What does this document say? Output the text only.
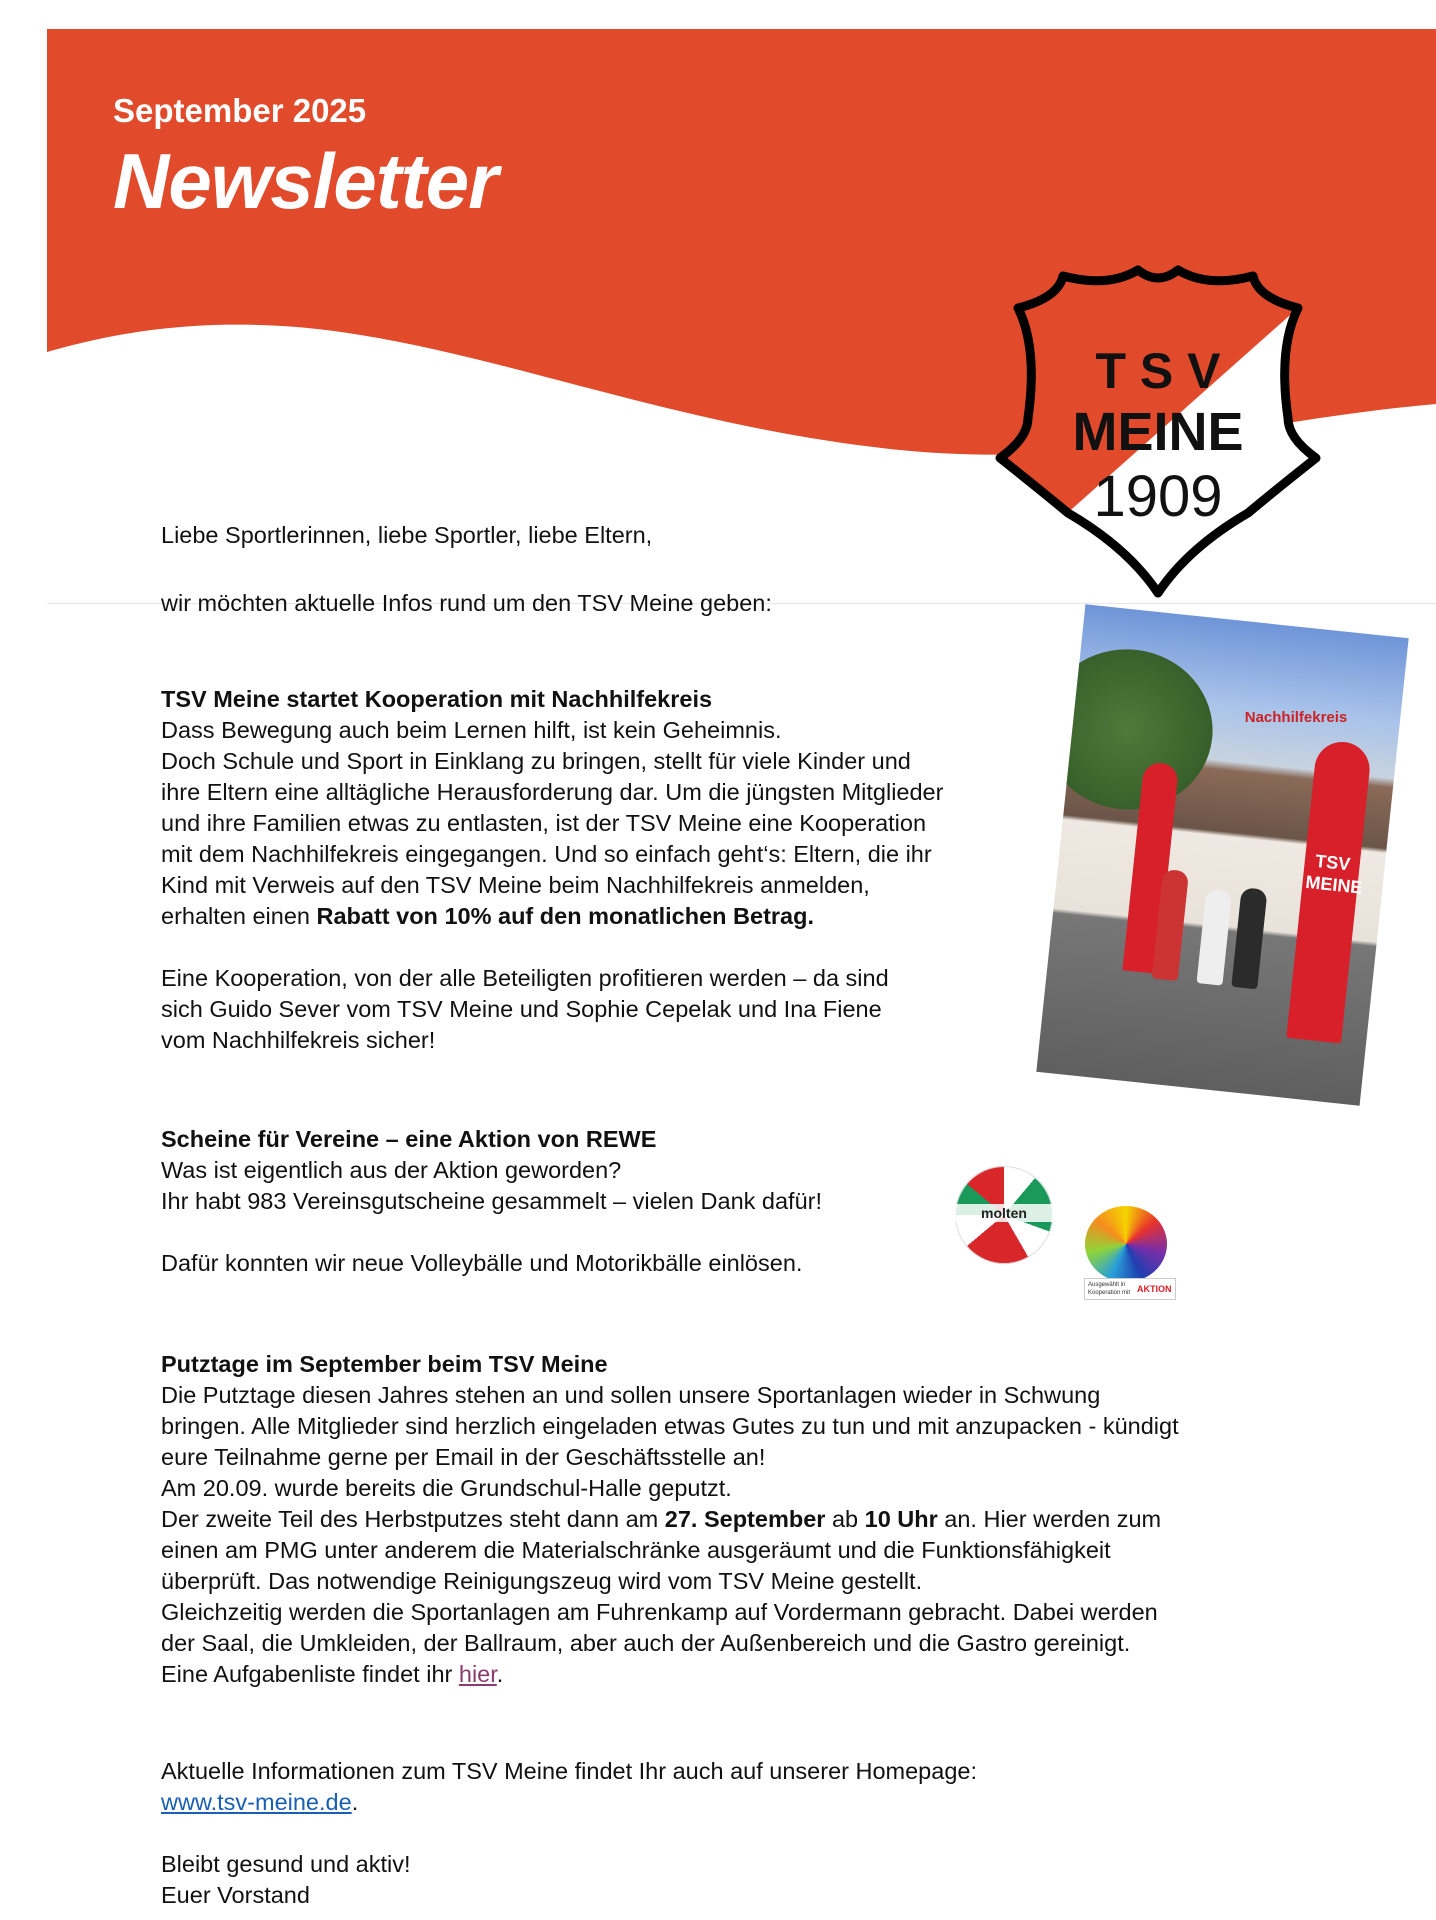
September 2025
Newsletter
T S V
MEINE
1909
Liebe Sportlerinnen, liebe Sportler, liebe Eltern,
wir möchten aktuelle Infos rund um den TSV Meine geben:
TSV Meine startet Kooperation mit Nachhilfekreis
Dass Bewegung auch beim Lernen hilft, ist kein Geheimnis.
Doch Schule und Sport in Einklang zu bringen, stellt für viele Kinder und
ihre Eltern eine alltägliche Herausforderung dar. Um die jüngsten Mitglieder
und ihre Familien etwas zu entlasten, ist der TSV Meine eine Kooperation
mit dem Nachhilfekreis eingegangen. Und so einfach geht‘s: Eltern, die ihr
Kind mit Verweis auf den TSV Meine beim Nachhilfekreis anmelden,
erhalten einen Rabatt von 10% auf den monatlichen Betrag.
Eine Kooperation, von der alle Beteiligten profitieren werden – da sind
sich Guido Sever vom TSV Meine und Sophie Cepelak und Ina Fiene
vom Nachhilfekreis sicher!
Nachhilfekreis
TSV MEINE
Scheine für Vereine – eine Aktion von REWE
Was ist eigentlich aus der Aktion geworden?
Ihr habt 983 Vereinsgutscheine gesammelt – vielen Dank dafür!
Dafür konnten wir neue Volleybälle und Motorikbälle einlösen.
molten
Ausgewählt in Kooperation mit AKTION
Putztage im September beim TSV Meine
Die Putztage diesen Jahres stehen an und sollen unsere Sportanlagen wieder in Schwung
bringen. Alle Mitglieder sind herzlich eingeladen etwas Gutes zu tun und mit anzupacken - kündigt
eure Teilnahme gerne per Email in der Geschäftsstelle an!
Am 20.09. wurde bereits die Grundschul-Halle geputzt.
Der zweite Teil des Herbstputzes steht dann am 27. September ab 10 Uhr an. Hier werden zum
einen am PMG unter anderem die Materialschränke ausgeräumt und die Funktionsfähigkeit
überprüft. Das notwendige Reinigungszeug wird vom TSV Meine gestellt.
Gleichzeitig werden die Sportanlagen am Fuhrenkamp auf Vordermann gebracht. Dabei werden
der Saal, die Umkleiden, der Ballraum, aber auch der Außenbereich und die Gastro gereinigt.
Eine Aufgabenliste findet ihr hier.
Aktuelle Informationen zum TSV Meine findet Ihr auch auf unserer Homepage:
www.tsv-meine.de.
Bleibt gesund und aktiv!
Euer Vorstand
